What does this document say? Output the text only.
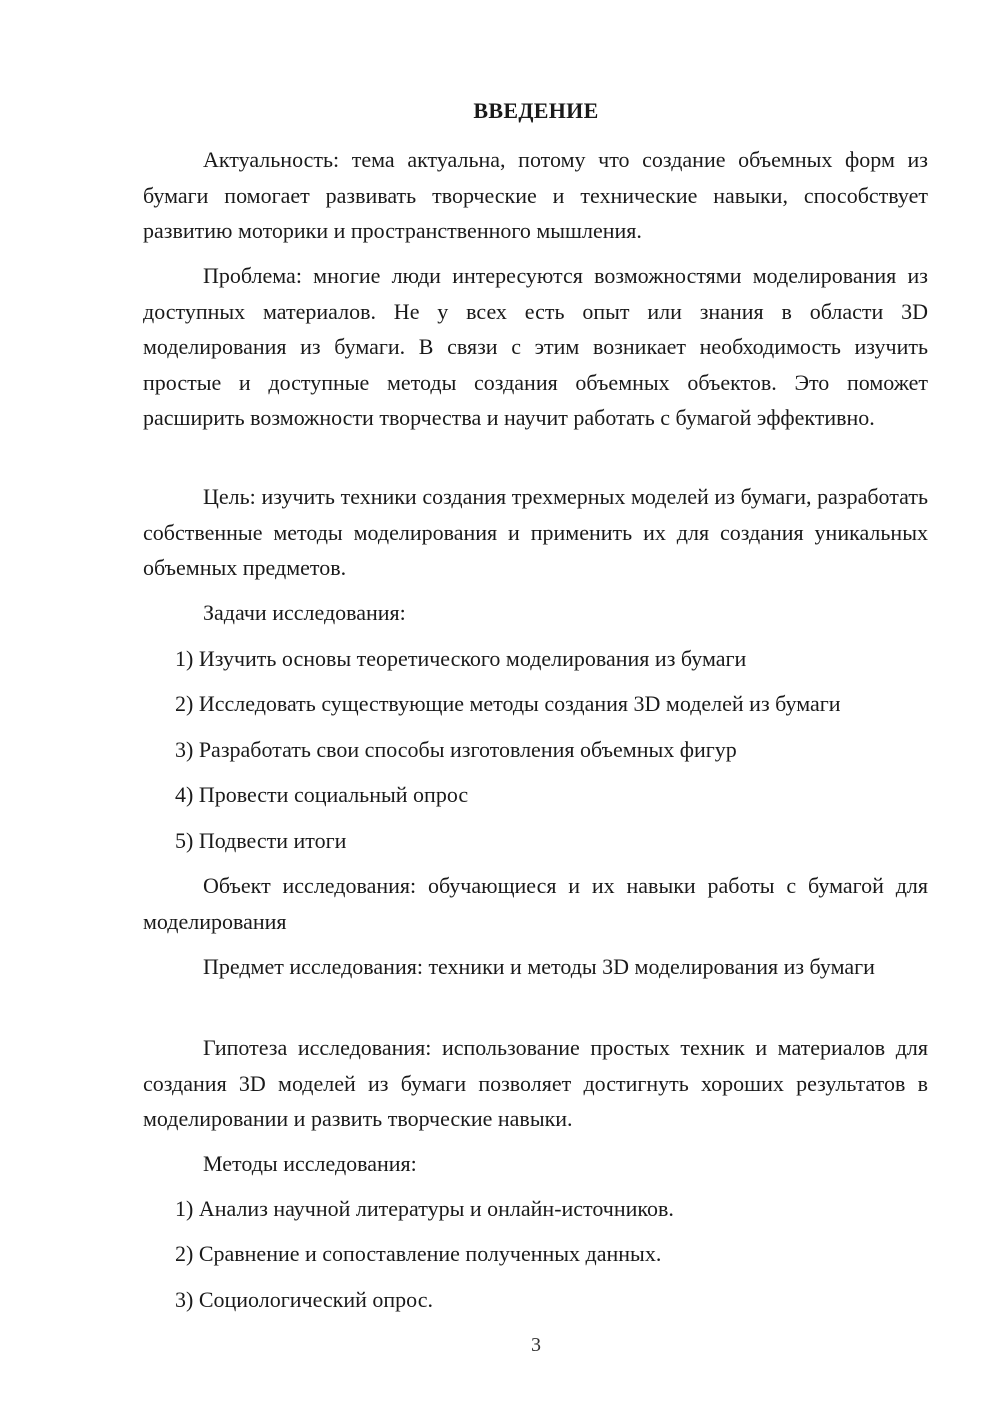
ВВЕДЕНИЕ

Актуальность: тема актуальна, потому что создание объемных форм из бумаги помогает развивать творческие и технические навыки, способствует развитию моторики и пространственного мышления.

Проблема: многие люди интересуются возможностями моделирования из доступных материалов. Не у всех есть опыт или знания в области 3D моделирования из бумаги. В связи с этим возникает необходимость изучить простые и доступные методы создания объемных объектов. Это поможет расширить возможности творчества и научит работать с бумагой эффективно.

Цель: изучить техники создания трехмерных моделей из бумаги, разработать собственные методы моделирования и применить их для создания уникальных объемных предметов.

Задачи исследования:
1) Изучить основы теоретического моделирования из бумаги
2) Исследовать существующие методы создания 3D моделей из бумаги
3) Разработать свои способы изготовления объемных фигур
4) Провести социальный опрос
5) Подвести итоги

Объект исследования: обучающиеся и их навыки работы с бумагой для моделирования

Предмет исследования: техники и методы 3D моделирования из бумаги

Гипотеза исследования: использование простых техник и материалов для создания 3D моделей из бумаги позволяет достигнуть хороших результатов в моделировании и развить творческие навыки.

Методы исследования:
1) Анализ научной литературы и онлайн-источников.
2) Сравнение и сопоставление полученных данных.
3) Социологический опрос.
3
